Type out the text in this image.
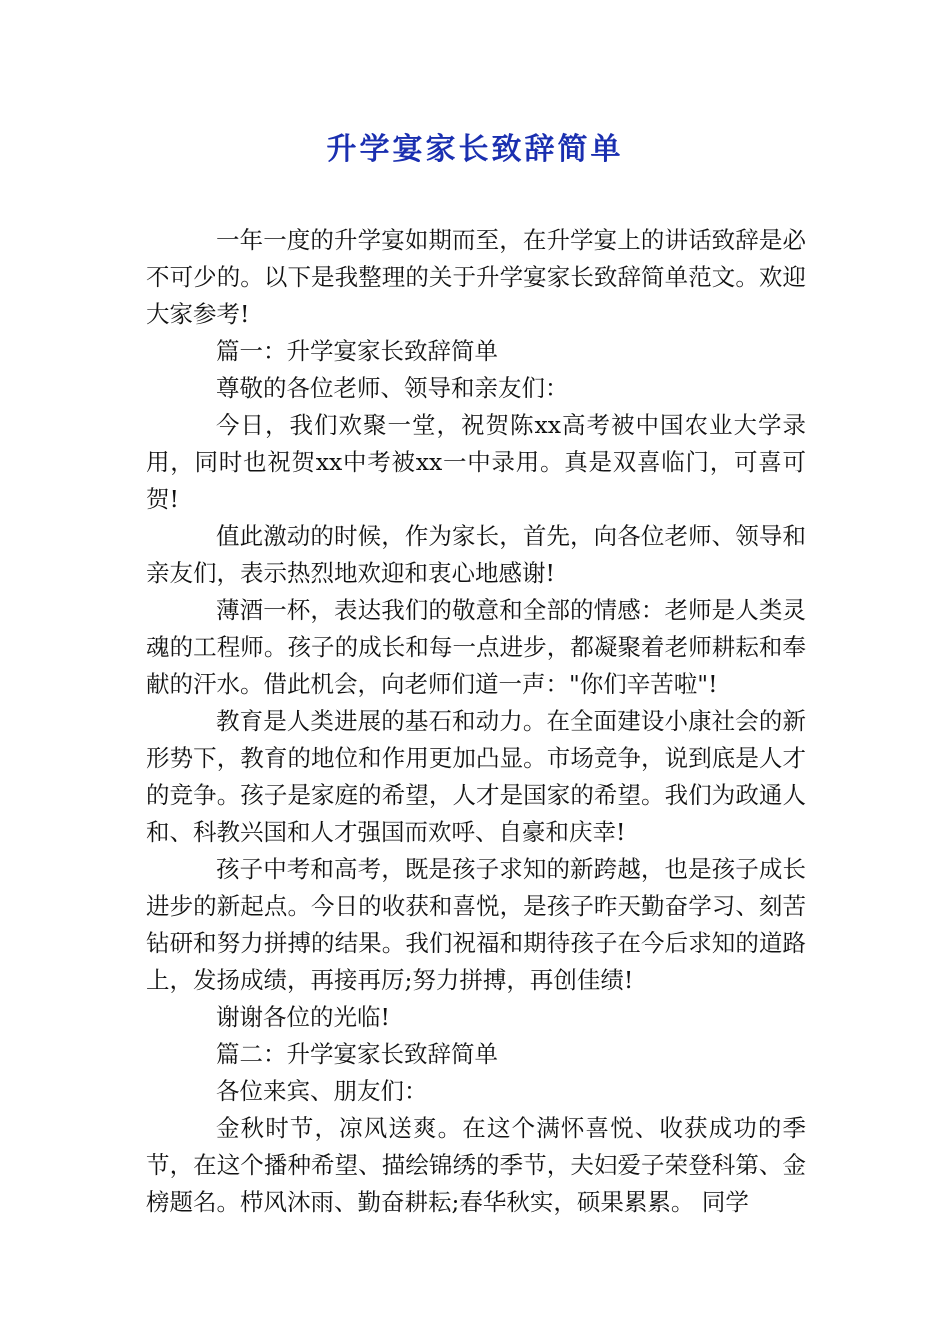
升学宴家长致辞简单

一年一度的升学宴如期而至，在升学宴上的讲话致辞是必不可少的。以下是我整理的关于升学宴家长致辞简单范文。欢迎大家参考!

篇一：升学宴家长致辞简单

尊敬的各位老师、领导和亲友们：

今日，我们欢聚一堂，祝贺陈xx高考被中国农业大学录用，同时也祝贺xx中考被xx一中录用。真是双喜临门，可喜可贺!

值此激动的时候，作为家长，首先，向各位老师、领导和亲友们，表示热烈地欢迎和衷心地感谢!

薄酒一杯，表达我们的敬意和全部的情感：老师是人类灵魂的工程师。孩子的成长和每一点进步，都凝聚着老师耕耘和奉献的汗水。借此机会，向老师们道一声："你们辛苦啦"!

教育是人类进展的基石和动力。在全面建设小康社会的新形势下，教育的地位和作用更加凸显。市场竞争，说到底是人才的竞争。孩子是家庭的希望，人才是国家的希望。我们为政通人和、科教兴国和人才强国而欢呼、自豪和庆幸!

孩子中考和高考，既是孩子求知的新跨越，也是孩子成长进步的新起点。今日的收获和喜悦，是孩子昨天勤奋学习、刻苦钻研和努力拼搏的结果。我们祝福和期待孩子在今后求知的道路上，发扬成绩，再接再厉;努力拼搏，再创佳绩!

谢谢各位的光临!

篇二：升学宴家长致辞简单

各位来宾、朋友们：

金秋时节，凉风送爽。在这个满怀喜悦、收获成功的季节，在这个播种希望、描绘锦绣的季节，夫妇爱子荣登科第、金榜题名。栉风沐雨、勤奋耕耘;春华秋实，硕果累累。 同学
